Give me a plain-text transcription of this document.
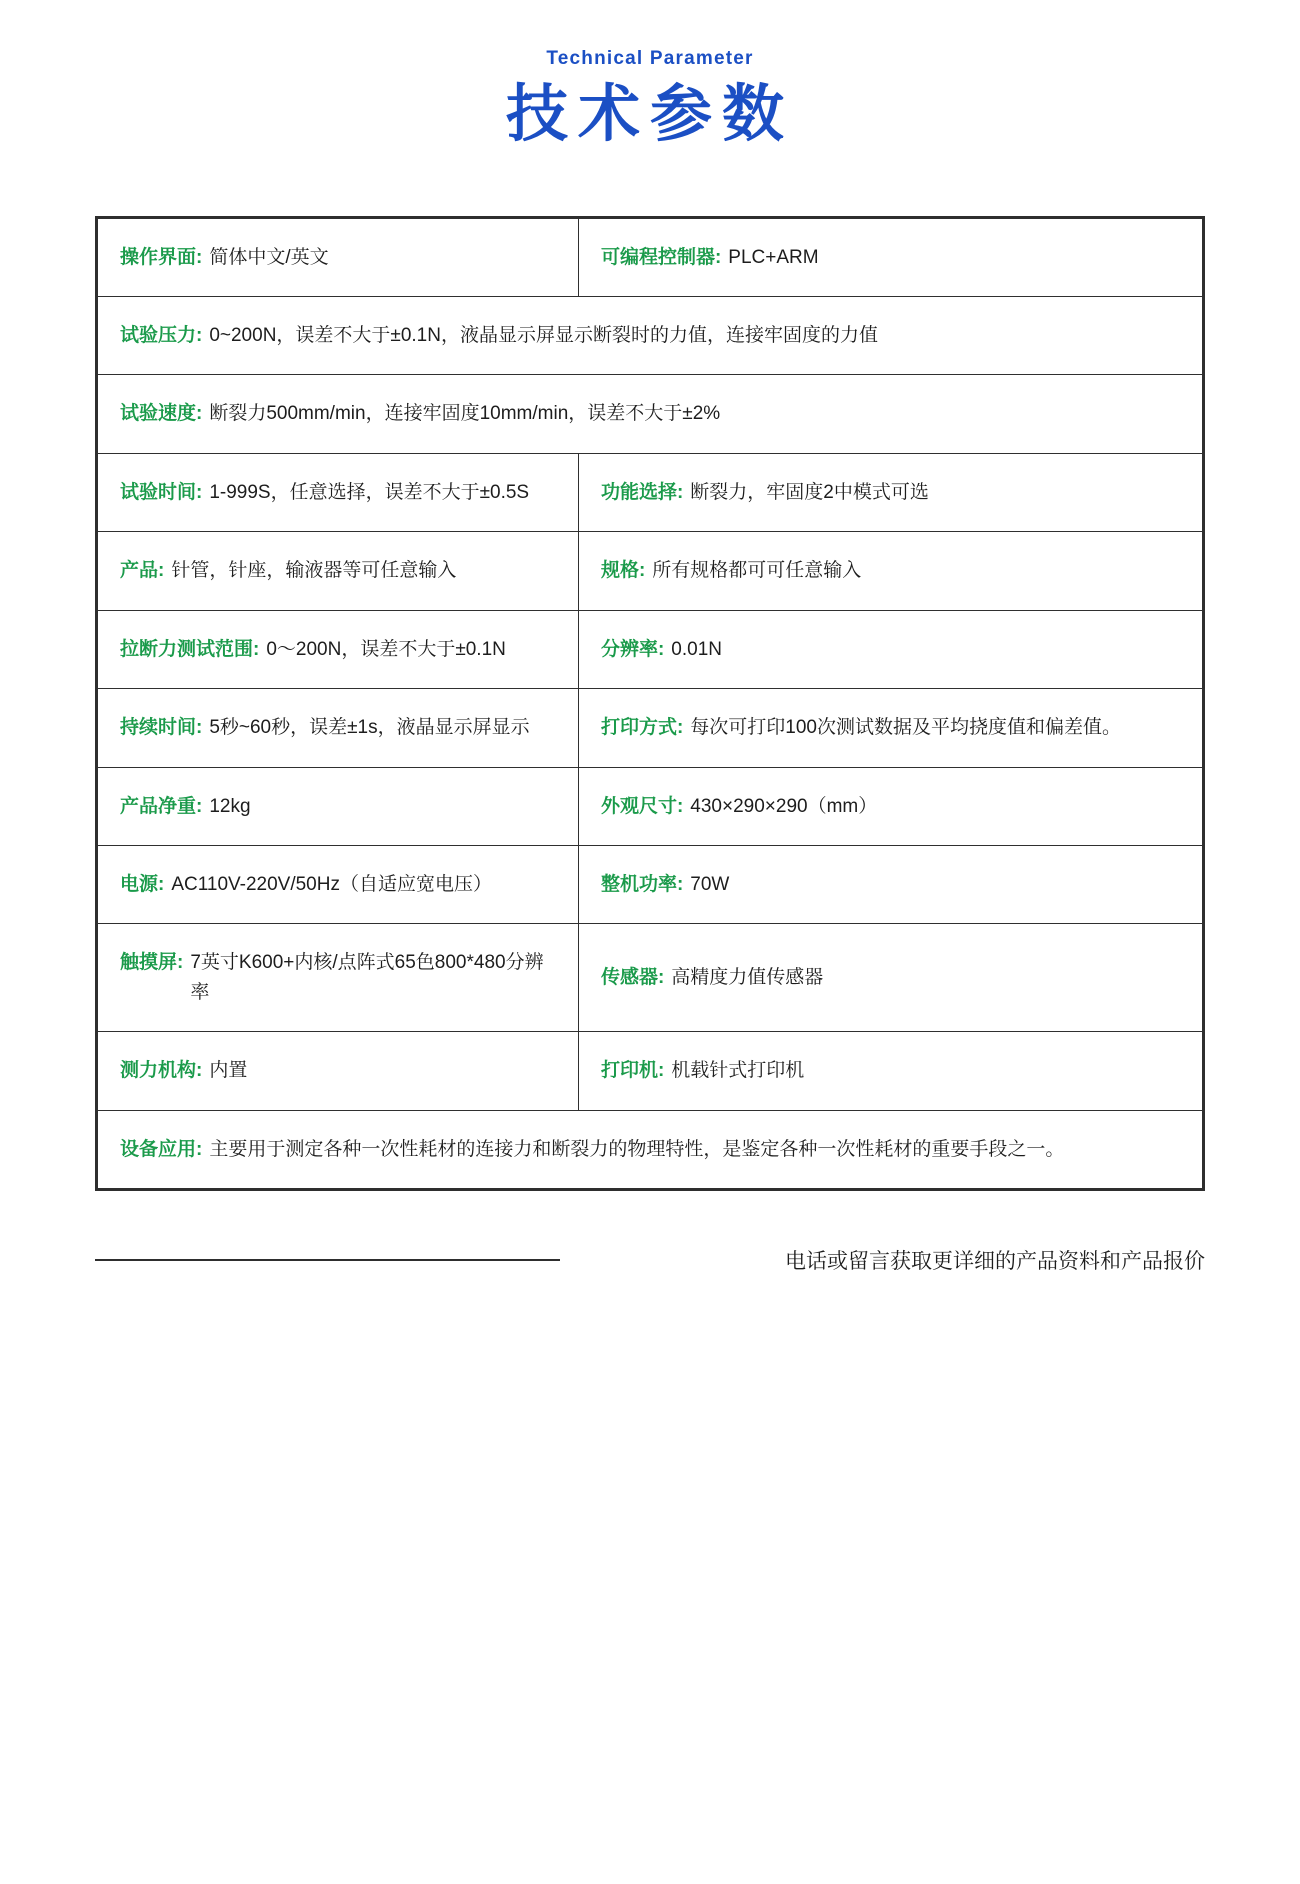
Technical Parameter

技术参数
操作界面: 简体中文/英文	可编程控制器: PLC+ARM

试验压力: 0~200N，误差不大于±0.1N，液晶显示屏显示断裂时的力值，连接牢固度的力值	

试验速度: 断裂力500mm/min，连接牢固度10mm/min，误差不大于±2%	

试验时间: 1-999S，任意选择，误差不大于±0.5S	功能选择: 断裂力，牢固度2中模式可选

产品: 针管，针座，输液器等可任意输入	规格: 所有规格都可可任意输入

拉断力测试范围: 0～200N，误差不大于±0.1N	分辨率: 0.01N

持续时间: 5秒~60秒，误差±1s，液晶显示屏显示	打印方式: 每次可打印100次测试数据及平均挠度值和偏差值。

产品净重: 12kg	外观尺寸: 430×290×290（mm）

电源: AC110V-220V/50Hz（自适应宽电压）	整机功率: 70W

触摸屏: 7英寸K600+内核/点阵式65色800*480分辨率	传感器: 高精度力值传感器

测力机构: 内置	打印机: 机载针式打印机

设备应用: 主要用于测定各种一次性耗材的连接力和断裂力的物理特性，是鉴定各种一次性耗材的重要手段之一。	
电话或留言获取更详细的产品资料和产品报价
